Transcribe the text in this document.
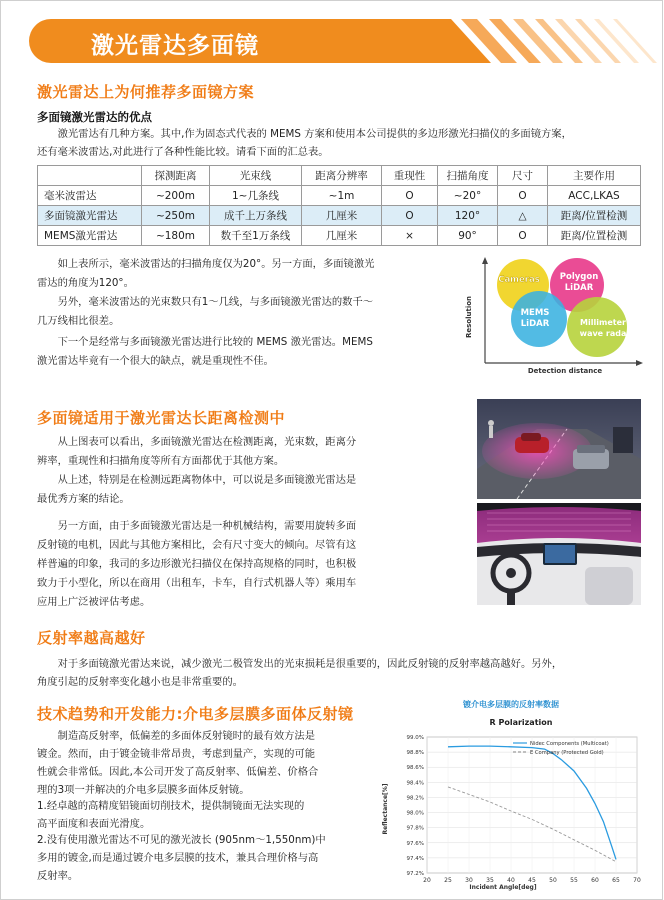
激光雷达多面镜
激光雷达上为何推荐多面镜方案
多面镜激光雷达的优点

激光雷达有几种方案。其中,作为固态式代表的 MEMS 方案和使用本公司提供的多边形激光扫描仪的多面镜方案，

还有毫米波雷达,对此进行了各种性能比较。请看下面的汇总表。

	探测距离	光束线	距离分辨率	重现性	扫描角度	尺寸	主要作用
毫米波雷达	~200m	1~几条线	~1m	O	~20°	O	ACC,LKAS
多面镜激光雷达	~250m	成千上万条线	几厘米	O	120°	△	距离/位置检测
MEMS激光雷达	~180m	数千至1万条线	几厘米	×	90°	O	距离/位置检测

如上表所示，毫米波雷达的扫描角度仅为20°。另一方面，多面镜激光

雷达的角度为120°。

另外，毫米波雷达的光束数只有1～几线，与多面镜激光雷达的数千～

几万线相比很差。

下一个是经常与多面镜激光雷达进行比较的 MEMS 激光雷达。MEMS

激光雷达毕竟有一个很大的缺点，就是重现性不佳。

Resolution
Detection distance
Cameras Polygon
LiDAR
MEMS
LiDAR	Millimeter
wave radar
多面镜适用于激光雷达长距离检测中

从上图表可以看出，多面镜激光雷达在检测距离，光束数，距离分

辨率，重现性和扫描角度等所有方面都优于其他方案。

从上述，特别是在检测远距离物体中，可以说是多面镜激光雷达是

最优秀方案的结论。

另一方面，由于多面镜激光雷达是一种机械结构，需要用旋转多面

反射镜的电机，因此与其他方案相比，会有尺寸变大的倾向。尽管有这

样普遍的印象，我司的多边形激光扫描仪在保持高规格的同时，也积极

致力于小型化，所以在商用（出租车，卡车，自行式机器人等）乘用车

应用上广泛被评估考虑。

反射率越高越好

对于多面镜激光雷达来说，减少激光二极管发出的光束损耗是很重要的，因此反射镜的反射率越高越好。另外，

角度引起的反射率变化越小也是非常重要的。

技术趋势和开发能力:介电多层膜多面体反射镜

制造高反射率，低偏差的多面体反射镜时的最有效方法是

镀金。然而，由于镀金镜非常昂贵，考虑到量产，实现的可能

性就会非常低。因此,本公司开发了高反射率、低偏差、价格合

理的3项一并解决的介电多层膜多面体反射镜。

1.经卓越的高精度铝镜面切削技术，提供制镜面无法实现的

高平面度和表面光滑度。

2.没有使用激光雷达不可见的激光波长 (905nm～1,550nm)中

多用的镀金,而是通过镀介电多层膜的技术，兼具合理价格与高

反射率。

镀介电多层膜的反射率数据
R Polarization
97.2%
97.4%
97.6%
97.8%
98.0%
98.2%
98.4%
98.6%
98.8%
99.0%
20 25 30 35 40 45 50 55 60 65 70
Nidec Components (Multicoat)
E Company (Protected Gold)
Incident Angle[deg]
Reflectance[%]
